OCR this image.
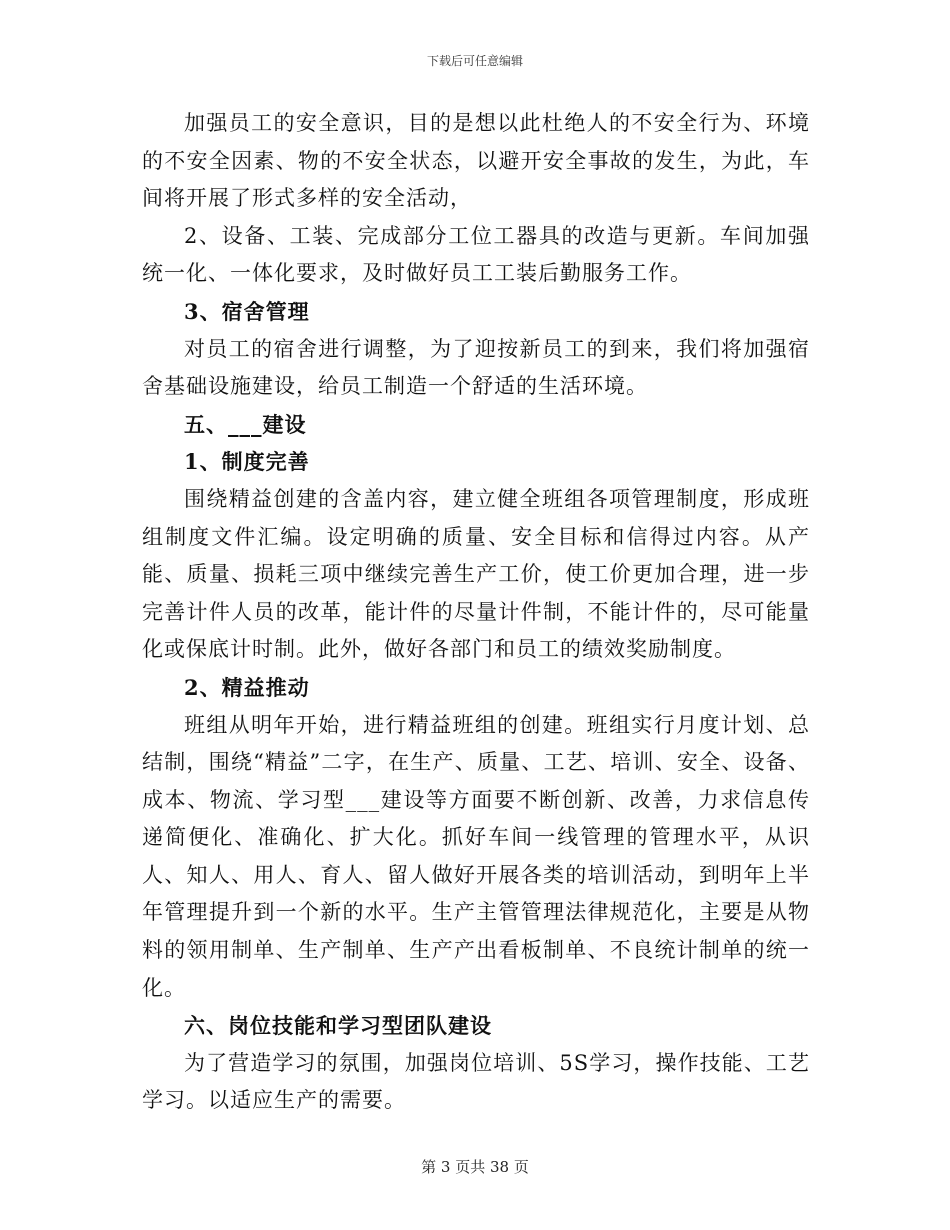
下载后可任意编辑

加强员工的安全意识，目的是想以此杜绝人的不安全行为、环境的不安全因素、物的不安全状态，以避开安全事故的发生，为此，车间将开展了形式多样的安全活动，

2、设备、工装、完成部分工位工器具的改造与更新。车间加强统一化、一体化要求，及时做好员工工装后勤服务工作。

3、宿舍管理

对员工的宿舍进行调整，为了迎按新员工的到来，我们将加强宿舍基础设施建设，给员工制造一个舒适的生活环境。

五、___建设

1、制度完善

围绕精益创建的含盖内容，建立健全班组各项管理制度，形成班组制度文件汇编。设定明确的质量、安全目标和信得过内容。从产能、质量、损耗三项中继续完善生产工价，使工价更加合理，进一步完善计件人员的改革，能计件的尽量计件制，不能计件的，尽可能量化或保底计时制。此外，做好各部门和员工的绩效奖励制度。

2、精益推动

班组从明年开始，进行精益班组的创建。班组实行月度计划、总结制，围绕“精益”二字，在生产、质量、工艺、培训、安全、设备、成本、物流、学习型___建设等方面要不断创新、改善，力求信息传递简便化、准确化、扩大化。抓好车间一线管理的管理水平，从识人、知人、用人、育人、留人做好开展各类的培训活动，到明年上半年管理提升到一个新的水平。生产主管管理法律规范化，主要是从物料的领用制单、生产制单、生产产出看板制单、不良统计制单的统一化。

六、岗位技能和学习型团队建设

为了营造学习的氛围，加强岗位培训、5S学习，操作技能、工艺学习。以适应生产的需要。

第 3 页共 38 页
